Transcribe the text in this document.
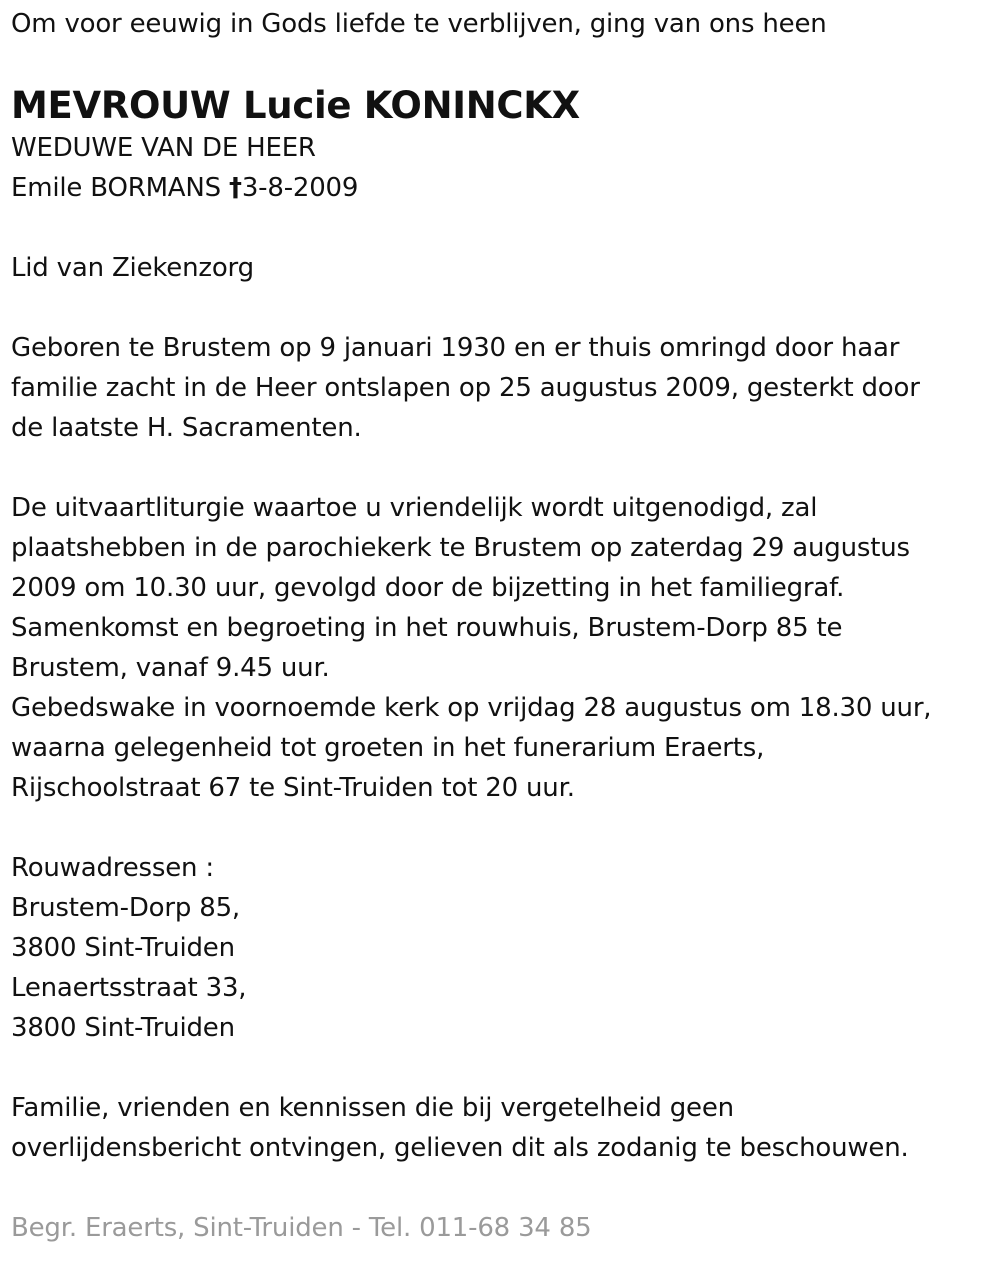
Om voor eeuwig in Gods liefde te verblijven, ging van ons heen
MEVROUW Lucie KONINCKX
WEDUWE VAN DE HEER
Emile BORMANS †3-8-2009
Lid van Ziekenzorg
Geboren te Brustem op 9 januari 1930 en er thuis omringd door haar
familie zacht in de Heer ontslapen op 25 augustus 2009, gesterkt door
de laatste H. Sacramenten.
De uitvaartliturgie waartoe u vriendelijk wordt uitgenodigd, zal
plaatshebben in de parochiekerk te Brustem op zaterdag 29 augustus
2009 om 10.30 uur, gevolgd door de bijzetting in het familiegraf.
Samenkomst en begroeting in het rouwhuis, Brustem-Dorp 85 te
Brustem, vanaf 9.45 uur.
Gebedswake in voornoemde kerk op vrijdag 28 augustus om 18.30 uur,
waarna gelegenheid tot groeten in het funerarium Eraerts,
Rijschoolstraat 67 te Sint-Truiden tot 20 uur.
Rouwadressen :
Brustem-Dorp 85,
3800 Sint-Truiden
Lenaertsstraat 33,
3800 Sint-Truiden
Familie, vrienden en kennissen die bij vergetelheid geen
overlijdensbericht ontvingen, gelieven dit als zodanig te beschouwen.
Begr. Eraerts, Sint-Truiden - Tel. 011-68 34 85
